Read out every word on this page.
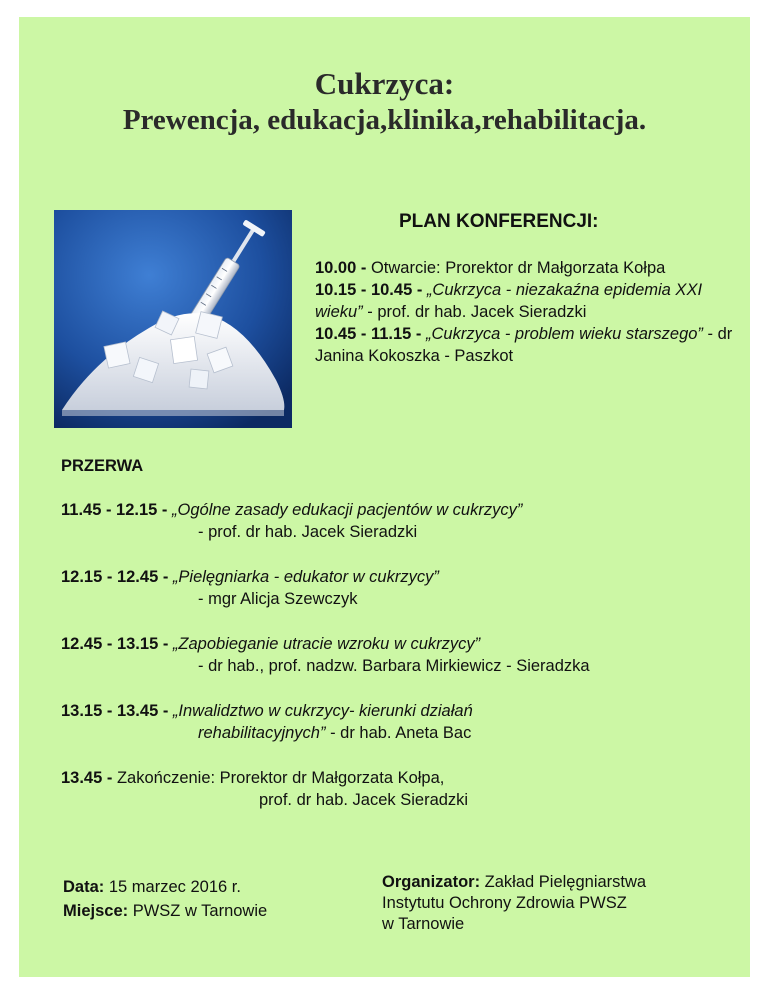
Cukrzyca:
Prewencja, edukacja,klinika,rehabilitacja.
PLAN KONFERENCJI:

10.00 - Otwarcie: Prorektor dr Małgorzata Kołpa

10.15 - 10.45 - „Cukrzyca - niezakaźna epidemia XXI wieku” - prof. dr hab. Jacek Sieradzki

10.45 - 11.15 - „Cukrzyca - problem wieku starszego” - dr Janina Kokoszka - Paszkot

PRZERWA
11.45 - 12.15 - „Ogólne zasady edukacji pacjentów w cukrzycy”
- prof. dr hab. Jacek Sieradzki
12.15 - 12.45 - „Pielęgniarka - edukator w cukrzycy”
- mgr Alicja Szewczyk
12.45 - 13.15 - „Zapobieganie utracie wzroku w cukrzycy”
- dr hab., prof. nadzw. Barbara Mirkiewicz - Sieradzka
13.15 - 13.45 - „Inwalidztwo w cukrzycy- kierunki działań
rehabilitacyjnych” - dr hab. Aneta Bac
13.45 - Zakończenie: Prorektor dr Małgorzata Kołpa,
prof. dr hab. Jacek Sieradzki
Data: 15 marzec 2016 r.
Miejsce: PWSZ w Tarnowie
Organizator: Zakład Pielęgniarstwa
Instytutu Ochrony Zdrowia PWSZ
w Tarnowie
